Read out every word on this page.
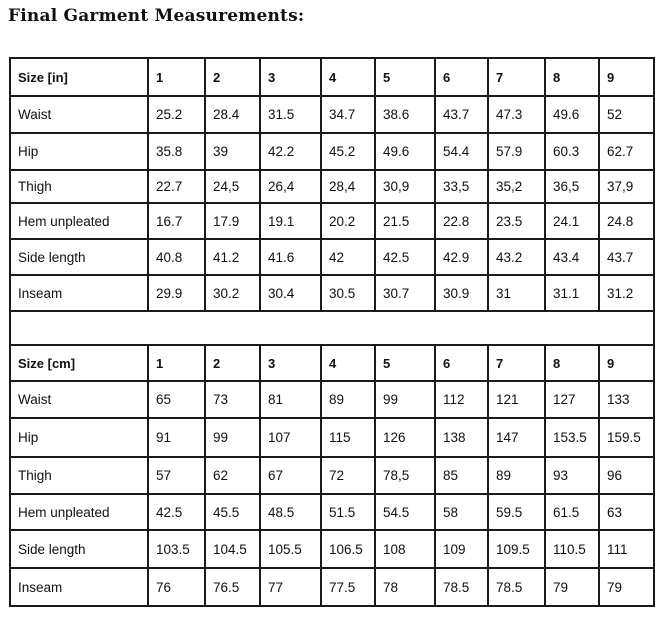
Final Garment Measurements:
Size [in]	1	2	3	4	5	6	7	8	9
Waist	25.2	28.4	31.5	34.7	38.6	43.7	47.3	49.6	52
Hip	35.8	39	42.2	45.2	49.6	54.4	57.9	60.3	62.7
Thigh	22.7	24,5	26,4	28,4	30,9	33,5	35,2	36,5	37,9
Hem unpleated	16.7	17.9	19.1	20.2	21.5	22.8	23.5	24.1	24.8
Side length	40.8	41.2	41.6	42	42.5	42.9	43.2	43.4	43.7
Inseam	29.9	30.2	30.4	30.5	30.7	30.9	31	31.1	31.2

Size [cm]	1	2	3	4	5	6	7	8	9
Waist	65	73	81	89	99	112	121	127	133
Hip	91	99	107	115	126	138	147	153.5	159.5
Thigh	57	62	67	72	78,5	85	89	93	96
Hem unpleated	42.5	45.5	48.5	51.5	54.5	58	59.5	61.5	63
Side length	103.5	104.5	105.5	106.5	108	109	109.5	110.5	111
Inseam	76	76.5	77	77.5	78	78.5	78.5	79	79
